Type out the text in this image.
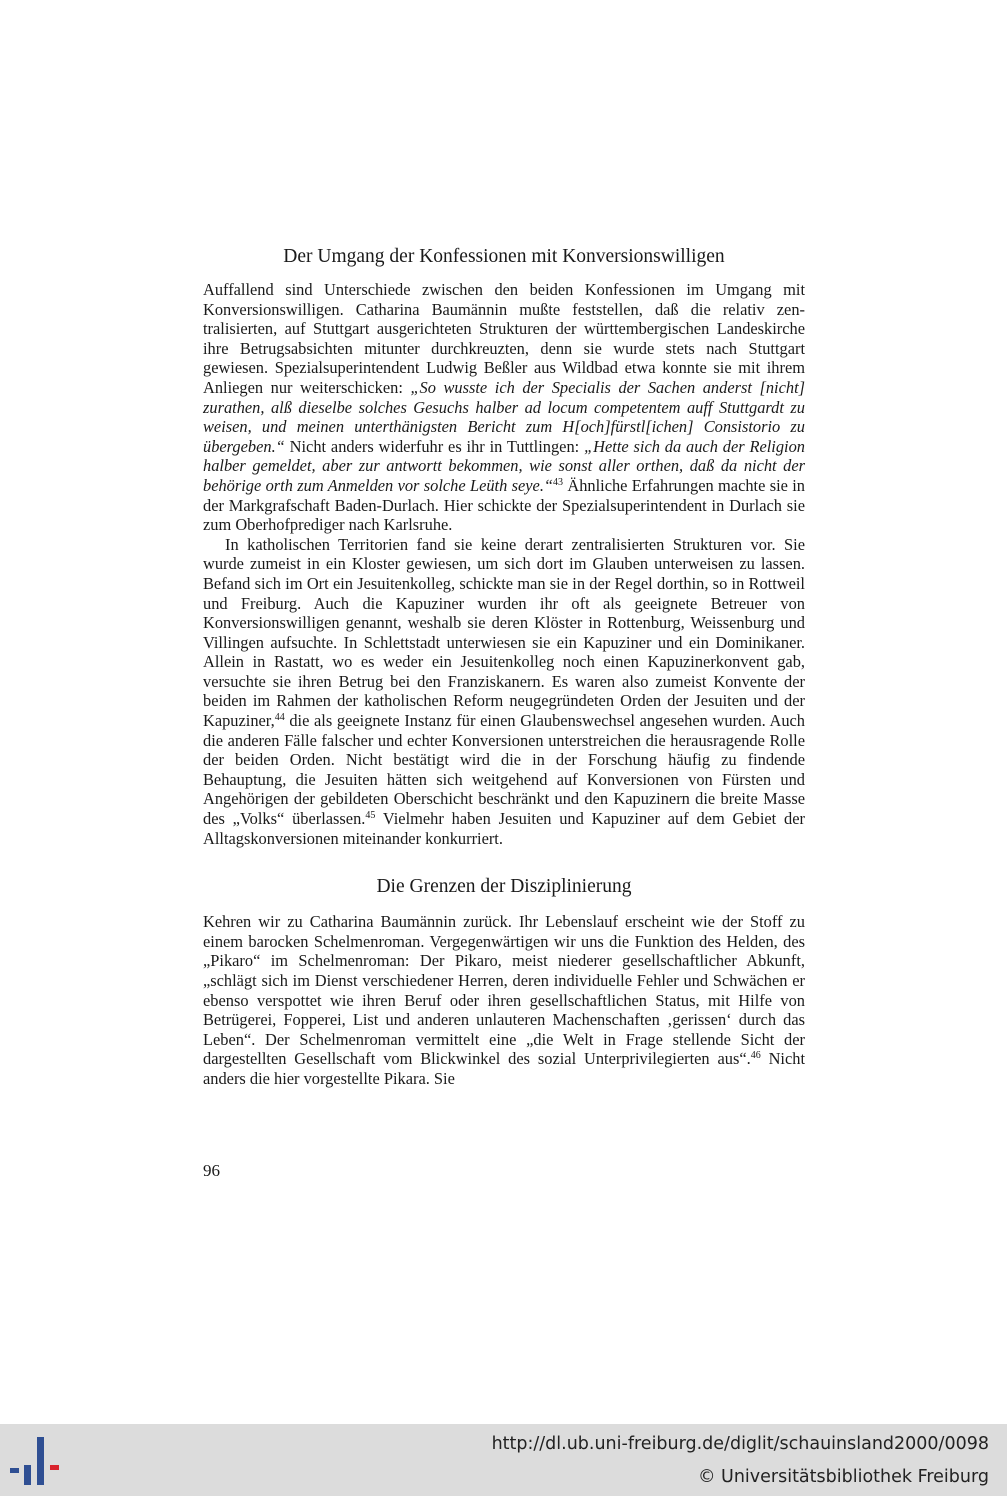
Der Umgang der Konfessionen mit Konversionswilligen

Auffallend sind Unterschiede zwischen den beiden Konfessionen im Umgang mit Konversionswilligen. Catharina Baumännin mußte feststellen, daß die relativ zentralisierten, auf Stuttgart ausgerichteten Strukturen der württembergischen Landeskirche ihre Betrugsabsichten mitunter durchkreuzten, denn sie wurde stets nach Stuttgart gewiesen. Spezialsuperintendent Ludwig Beßler aus Wildbad etwa konnte sie mit ihrem Anliegen nur weiterschicken: „So wusste ich der Specialis der Sachen anderst [nicht] zurathen, alß dieselbe solches Gesuchs halber ad locum competentem auff Stuttgardt zu weisen, und meinen unterthänigsten Bericht zum H[och]fürstl[ichen] Consistorio zu übergeben.“ Nicht anders widerfuhr es ihr in Tuttlingen: „Hette sich da auch der Religion halber gemeldet, aber zur antwortt bekommen, wie sonst aller orthen, daß da nicht der behörige orth zum Anmelden vor solche Leüth seye.“$^{43}$ Ähnliche Erfahrungen machte sie in der Markgrafschaft Baden-Durlach. Hier schickte der Spezialsuperintendent in Durlach sie zum Oberhofprediger nach Karlsruhe.

In katholischen Territorien fand sie keine derart zentralisierten Strukturen vor. Sie wurde zumeist in ein Kloster gewiesen, um sich dort im Glauben unterweisen zu lassen. Befand sich im Ort ein Jesuitenkolleg, schickte man sie in der Regel dorthin, so in Rottweil und Freiburg. Auch die Kapuziner wurden ihr oft als geeignete Betreuer von Konversionswilligen genannt, weshalb sie deren Klöster in Rottenburg, Weissenburg und Villingen aufsuchte. In Schlettstadt unterwiesen sie ein Kapuziner und ein Dominikaner. Allein in Rastatt, wo es weder ein Jesuitenkolleg noch einen Kapuzinerkonvent gab, versuchte sie ihren Betrug bei den Franziskanern. Es waren also zumeist Konvente der beiden im Rahmen der katholischen Reform neugegründeten Orden der Jesuiten und der Kapuziner,$^{44}$ die als geeignete Instanz für einen Glaubenswechsel angesehen wurden. Auch die anderen Fälle falscher und echter Konversionen unterstreichen die herausragende Rolle der beiden Orden. Nicht bestätigt wird die in der Forschung häufig zu findende Behauptung, die Jesuiten hätten sich weitgehend auf Konversionen von Fürsten und Angehörigen der gebildeten Oberschicht beschränkt und den Kapuzinern die breite Masse des „Volks“ überlassen.$^{45}$ Vielmehr haben Jesuiten und Kapuziner auf dem Gebiet der Alltagskonversionen miteinander konkurriert.

Die Grenzen der Disziplinierung

Kehren wir zu Catharina Baumännin zurück. Ihr Lebenslauf erscheint wie der Stoff zu einem barocken Schelmenroman. Vergegenwärtigen wir uns die Funktion des Helden, des „Pikaro“ im Schelmenroman: Der Pikaro, meist niederer gesellschaftlicher Abkunft, „schlägt sich im Dienst verschiedener Herren, deren individuelle Fehler und Schwächen er ebenso verspottet wie ihren Beruf oder ihren gesellschaftlichen Status, mit Hilfe von Betrügerei, Fopperei, List und anderen unlauteren Machenschaften ‚gerissen‘ durch das Leben“. Der Schelmenroman vermittelt eine „die Welt in Frage stellende Sicht der dargestellten Gesellschaft vom Blickwinkel des sozial Unterprivilegierten aus“.$^{46}$ Nicht anders die hier vorgestellte Pikara. Sie

96
http://dl.ub.uni-freiburg.de/diglit/schauinsland2000/0098
© Universitätsbibliothek Freiburg
